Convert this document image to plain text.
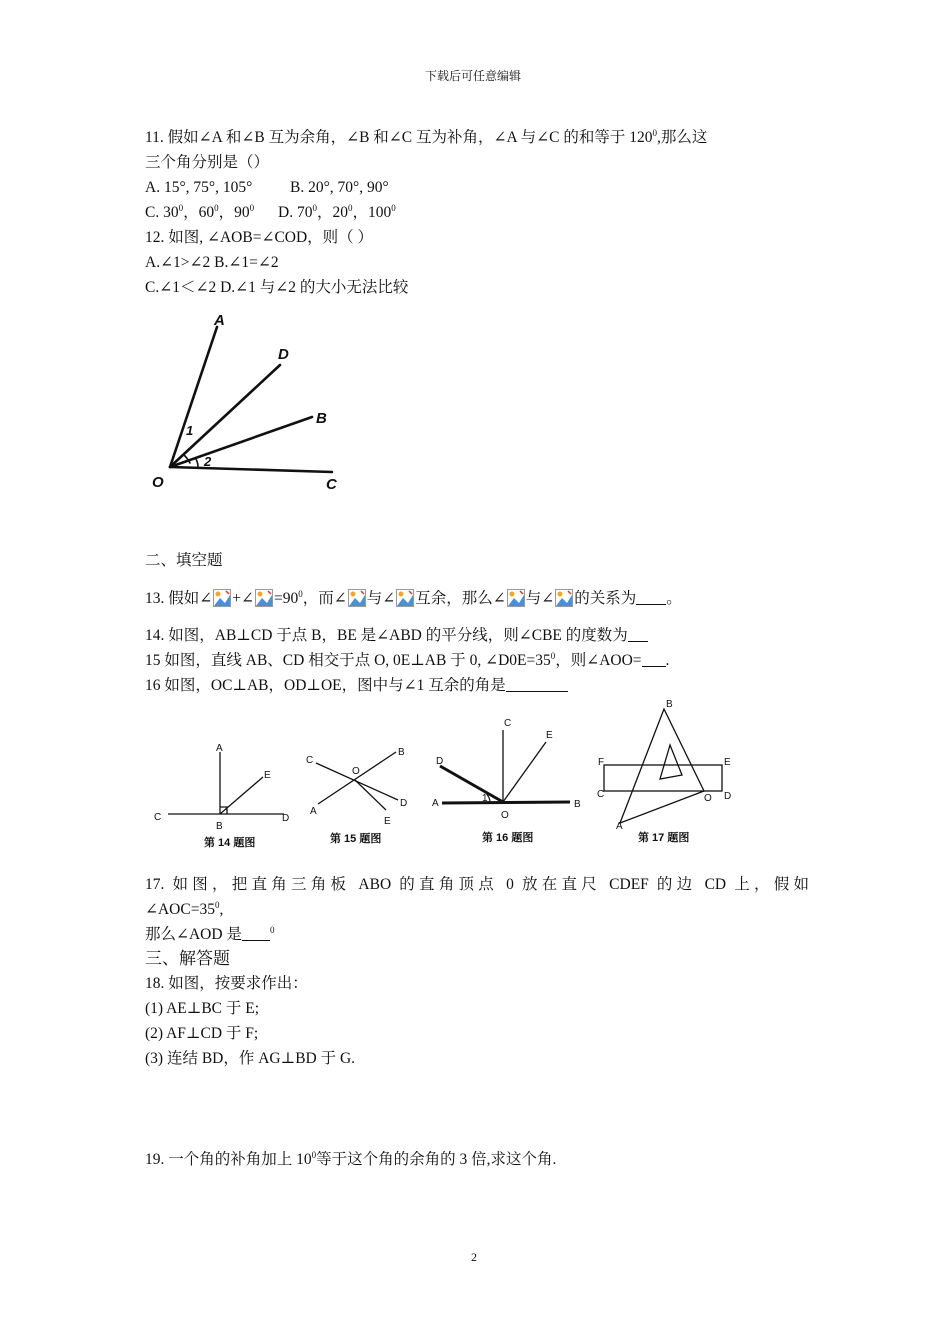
下载后可任意编辑
11. 假如∠A 和∠B 互为余角，∠B 和∠C 互为补角，∠A 与∠C 的和等于 $120^0$,那么这
三个角分别是（）
A. 15°, 75°, 105° B. 20°, 70°, 90°
C. $30^0$，$60^0$，$90^0$ D. $70^0$，$20^0$，$100^0$
12. 如图, ∠AOB=∠COD，则（ ）
A.∠1>∠2 B.∠1=∠2
C.∠1＜∠2 D.∠1 与∠2 的大小无法比较
A
D
B
O	C
1
2
二、填空题
13. 假如∠ +∠ $=90^0$，而∠ 与∠ 互余，那么∠ 与∠ 的关系为 。
14. 如图，AB⊥CD 于点 B，BE 是∠ABD 的平分线，则∠CBE 的度数为
15 如图，直线 AB、CD 相交于点 O, 0E⊥AB 于 0, $\angle D0E=35^0$，则∠AOO= .
16 如图，OC⊥AB，OD⊥OE，图中与∠1 互余的角是
A
E
C
B
D
第 14 题图
C
B
O
A
E
D
第 15 题图
C
E
D
A	1
O
B
第 16 题图
B
F	E
C	O D
A
第 17 题图
17. 如图，把直角三角板 ABO 的直角顶点 0 放在直尺 CDEF 的边 CD 上，假如
$\angle AOC=35^0$,
那么∠AOD 是	$^0$
三、解答题
18. 如图，按要求作出：
(1) AE⊥BC 于 E;
(2) AF⊥CD 于 F;
(3) 连结 BD，作 AG⊥BD 于 G.
19. 一个角的补角加上 $10^0$等于这个角的余角的 3 倍,求这个角.
2
